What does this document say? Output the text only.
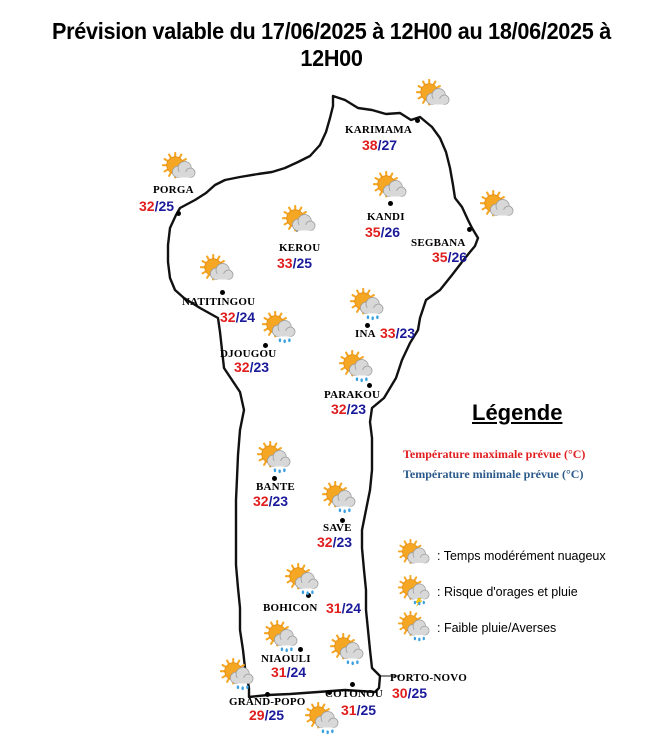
Prévision valable du 17/06/2025 à 12H00 au 18/06/2025 à 12H00
KARIMAMA
38/27
PORGA
32/25
KANDI
35/26
KEROU
33/25
SEGBANA
35/26
NATITINGOU
32/24
DJOUGOU
32/23
INA 33/23
PARAKOU
32/23
BANTE
32/23
SAVE
32/23
BOHICON 31/24
NIAOULI
31/24	PORTO-NOVO
30/25
COTONOU
31/25
GRAND-POPO
29/25
Légende
Température maximale prévue (°C)
Température minimale prévue (°C)
: Temps modérément nuageux
: Risque d'orages et pluie
: Faible pluie/Averses
